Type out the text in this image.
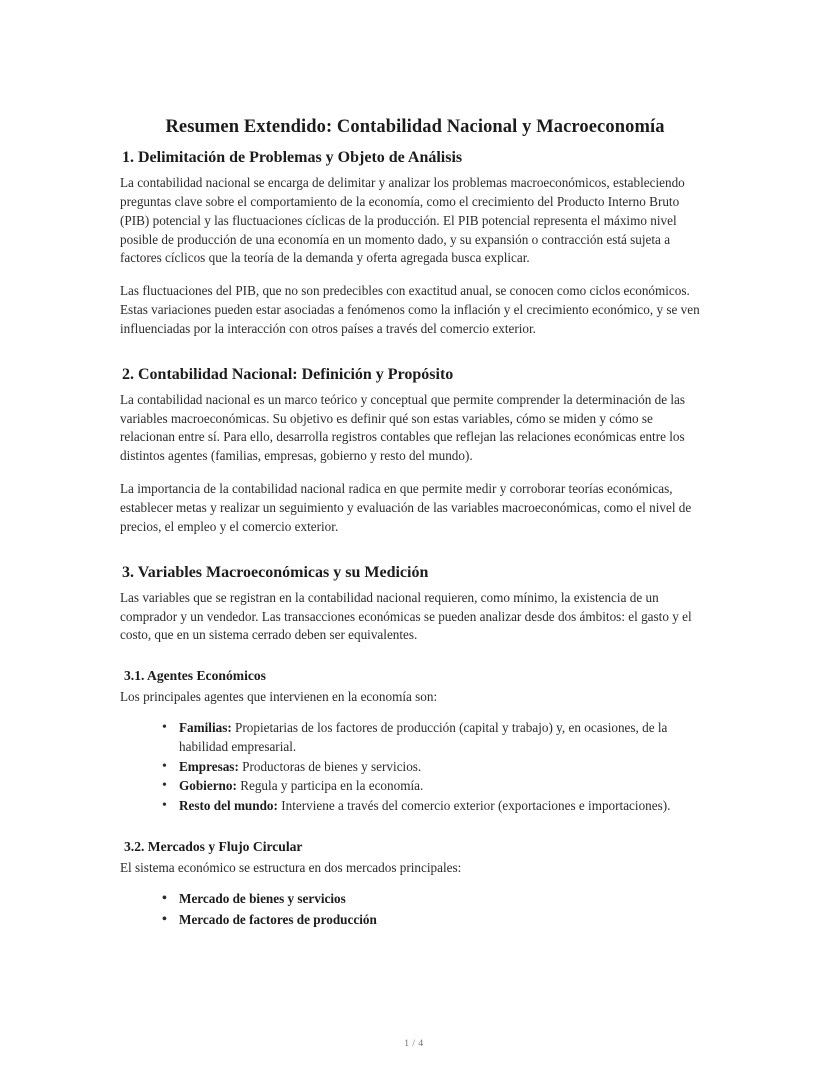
Resumen Extendido: Contabilidad Nacional y Macroeconomía
1. Delimitación de Problemas y Objeto de Análisis

La contabilidad nacional se encarga de delimitar y analizar los problemas macroeconómicos, estableciendo preguntas clave sobre el comportamiento de la economía, como el crecimiento del Producto Interno Bruto (PIB) potencial y las fluctuaciones cíclicas de la producción. El PIB potencial representa el máximo nivel posible de producción de una economía en un momento dado, y su expansión o contracción está sujeta a factores cíclicos que la teoría de la demanda y oferta agregada busca explicar.

Las fluctuaciones del PIB, que no son predecibles con exactitud anual, se conocen como ciclos económicos. Estas variaciones pueden estar asociadas a fenómenos como la inflación y el crecimiento económico, y se ven influenciadas por la interacción con otros países a través del comercio exterior.

2. Contabilidad Nacional: Definición y Propósito

La contabilidad nacional es un marco teórico y conceptual que permite comprender la determinación de las variables macroeconómicas. Su objetivo es definir qué son estas variables, cómo se miden y cómo se relacionan entre sí. Para ello, desarrolla registros contables que reflejan las relaciones económicas entre los distintos agentes (familias, empresas, gobierno y resto del mundo).

La importancia de la contabilidad nacional radica en que permite medir y corroborar teorías económicas, establecer metas y realizar un seguimiento y evaluación de las variables macroeconómicas, como el nivel de precios, el empleo y el comercio exterior.

3. Variables Macroeconómicas y su Medición

Las variables que se registran en la contabilidad nacional requieren, como mínimo, la existencia de un comprador y un vendedor. Las transacciones económicas se pueden analizar desde dos ámbitos: el gasto y el costo, que en un sistema cerrado deben ser equivalentes.

3.1. Agentes Económicos

Los principales agentes que intervienen en la economía son:

• Familias: Propietarias de los factores de producción (capital y trabajo) y, en ocasiones, de la habilidad empresarial.
• Empresas: Productoras de bienes y servicios.
• Gobierno: Regula y participa en la economía.
• Resto del mundo: Interviene a través del comercio exterior (exportaciones e importaciones).
3.2. Mercados y Flujo Circular

El sistema económico se estructura en dos mercados principales:

• Mercado de bienes y servicios
• Mercado de factores de producción
1 / 4
